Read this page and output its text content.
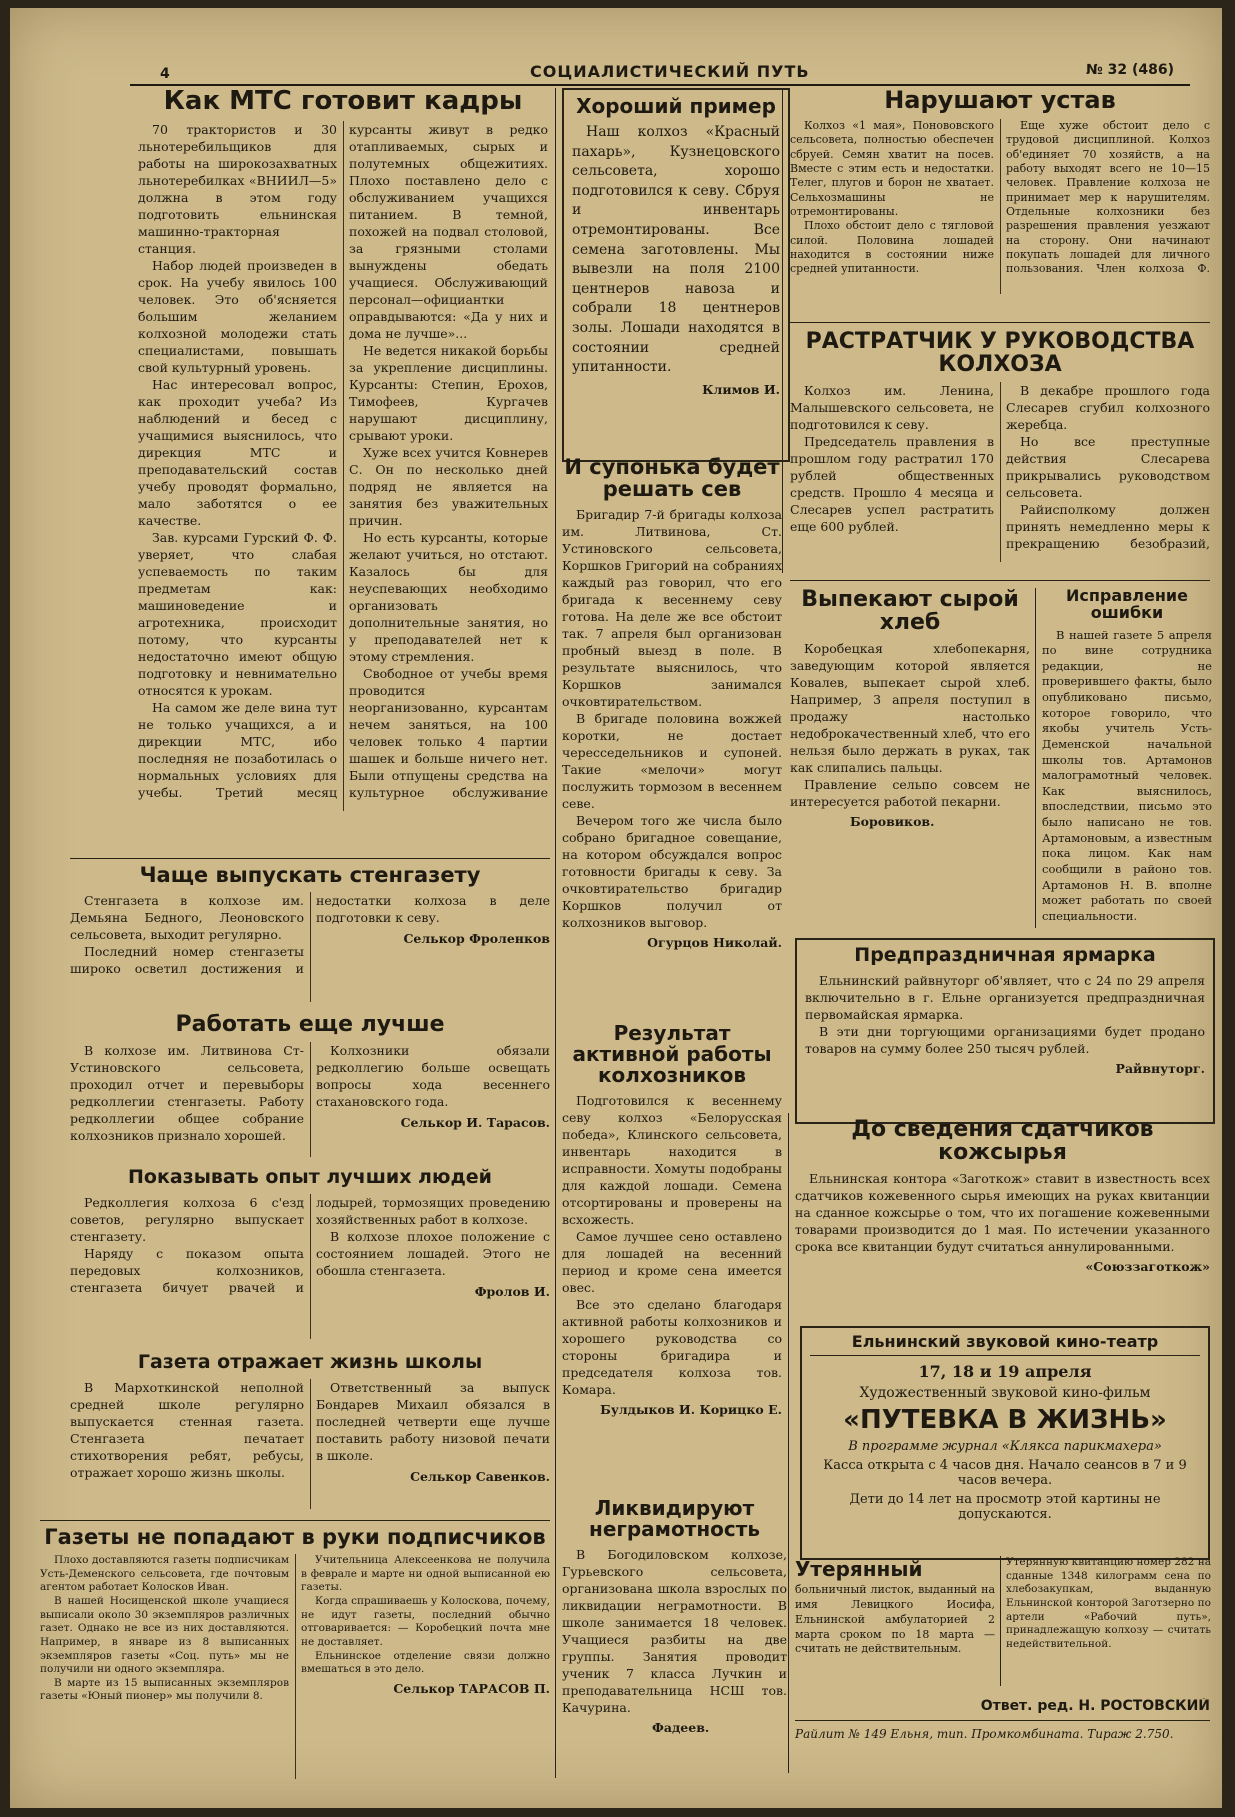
4	СОЦИАЛИСТИЧЕСКИЙ ПУТЬ	№ 32 (486)
Как МТС готовит кадры

70 трактористов и 30 льнотеребильщиков для работы на широкозахватных льнотеребилках «ВНИИЛ—5» должна в этом году подготовить ельнинская машинно-тракторная станция.

Набор людей произведен в срок. На учебу явилось 100 человек. Это об'ясняется большим желанием колхозной молодежи стать специалистами, повышать свой культурный уровень.

Нас интересовал вопрос, как проходит учеба? Из наблюдений и бесед с учащимися выяснилось, что дирекция МТС и преподавательский состав учебу проводят формально, мало заботятся о ее качестве.

Зав. курсами Гурский Ф. Ф. уверяет, что слабая успеваемость по таким предметам как: машиноведение и агротехника, происходит потому, что курсанты недостаточно имеют общую подготовку и невнимательно относятся к урокам.

На самом же деле вина тут не только учащихся, а и дирекции МТС, ибо последняя не позаботилась о нормальных условиях для учебы. Третий месяц курсанты живут в редко отапливаемых, сырых и полутемных общежитиях. Плохо поставлено дело с обслуживанием учащихся питанием. В темной, похожей на подвал столовой, за грязными столами вынуждены обедать учащиеся. Обслуживающий персонал—официантки оправдываются: «Да у них и дома не лучше»...

Не ведется никакой борьбы за укрепление дисциплины. Курсанты: Степин, Ерохов, Тимофеев, Кургачев нарушают дисциплину, срывают уроки.

Хуже всех учится Ковнерев С. Он по несколько дней подряд не является на занятия без уважительных причин.

Но есть курсанты, которые желают учиться, но отстают. Казалось бы для неуспевающих необходимо организовать дополнительные занятия, но у преподавателей нет к этому стремления.

Свободное от учебы время проводится неорганизованно, курсантам нечем заняться, на 100 человек только 4 партии шашек и больше ничего нет. Были отпущены средства на культурное обслуживание

Хороший пример

Наш колхоз «Красный пахарь», Кузнецовского сельсовета, хорошо подготовился к севу. Сбруя и инвентарь отремонтированы. Все семена заготовлены. Мы вывезли на поля 2100 центнеров навоза и собрали 18 центнеров золы. Лошади находятся в состоянии средней упитанности.

Климов И.
И супонька будет решать сев

Бригадир 7-й бригады колхоза им. Литвинова, Ст. Устиновского сельсовета, Коршков Григорий на собраниях каждый раз говорил, что его бригада к весеннему севу готова. На деле же все обстоит так. 7 апреля был организован пробный выезд в поле. В результате выяснилось, что Коршков занимался очковтирательством.

В бригаде половина вожжей коротки, не достает чересседельников и супоней. Такие «мелочи» могут послужить тормозом в весеннем севе.

Вечером того же числа было собрано бригадное совещание, на котором обсуждался вопрос готовности бригады к севу. За очковтирательство бригадир Коршков получил от колхозников выговор.

Огурцов Николай.
Нарушают устав

Колхоз «1 мая», Понововского сельсовета, полностью обеспечен сбруей. Семян хватит на посев. Вместе с этим есть и недостатки. Телег, плугов и борон не хватает. Сельхозмашины не отремонтированы.

Плохо обстоит дело с тягловой силой. Половина лошадей находится в состоянии ниже средней упитанности.

Еще хуже обстоит дело с трудовой дисциплиной. Колхоз об'единяет 70 хозяйств, а на работу выходят всего не 10—15 человек. Правление колхоза не принимает мер к нарушителям. Отдельные колхозники без разрешения правления уезжают на сторону. Они начинают покупать лошадей для личного пользования. Член колхоза Ф.

РАСТРАТЧИК У РУКОВОДСТВА КОЛХОЗА

Колхоз им. Ленина, Малышевского сельсовета, не подготовился к севу.

Председатель правления в прошлом году растратил 170 рублей общественных средств. Прошло 4 месяца и Слесарев успел растратить еще 600 рублей.

В декабре прошлого года Слесарев сгубил колхозного жеребца.

Но все преступные действия Слесарева прикрывались руководством сельсовета.

Райисполкому должен принять немедленно меры к прекращению безобразий,

Выпекают сырой хлеб

Коробецкая хлебопекарня, заведующим которой является Ковалев, выпекает сырой хлеб. Например, 3 апреля поступил в продажу настолько недоброкачественный хлеб, что его нельзя было держать в руках, так как слипались пальцы.

Правление сельпо совсем не интересуется работой пекарни.

Боровиков.
Исправление ошибки

В нашей газете 5 апреля по вине сотрудника редакции, не проверившего факты, было опубликовано письмо, которое говорило, что якобы учитель Усть-Деменской начальной школы тов. Артамонов малограмотный человек. Как выяснилось, впоследствии, письмо это было написано не тов. Артамоновым, а известным пока лицом. Как нам сообщили в районо тов. Артамонов Н. В. вполне может работать по своей специальности.

Предпраздничная ярмарка

Ельнинский райвнуторг об'являет, что с 24 по 29 апреля включительно в г. Ельне организуется предпраздничная первомайская ярмарка.

В эти дни торгующими организациями будет продано товаров на сумму более 250 тысяч рублей.

Райвнуторг.
Чаще выпускать стенгазету

Стенгазета в колхозе им. Демьяна Бедного, Леоновского сельсовета, выходит регулярно.

Последний номер стенгазеты широко осветил достижения и недостатки колхоза в деле подготовки к севу.

Селькор Фроленков
Работать еще лучше

В колхозе им. Литвинова Ст-Устиновского сельсовета, проходил отчет и перевыборы редколлегии стенгазеты. Работу редколлегии общее собрание колхозников признало хорошей.

Колхозники обязали редколлегию больше освещать вопросы хода весеннего стахановского года.

Селькор И. Тарасов.
Показывать опыт лучших людей

Редколлегия колхоза 6 с'езд советов, регулярно выпускает стенгазету.

Наряду с показом опыта передовых колхозников, стенгазета бичует рвачей и лодырей, тормозящих проведению хозяйственных работ в колхозе.

В колхозе плохое положение с состоянием лошадей. Этого не обошла стенгазета.

Фролов И.
Газета отражает жизнь школы

В Мархоткинской неполной средней школе регулярно выпускается стенная газета. Стенгазета печатает стихотворения ребят, ребусы, отражает хорошо жизнь школы.

Ответственный за выпуск Бондарев Михаил обязался в последней четверти еще лучше поставить работу низовой печати в школе.

Селькор Савенков.
Газеты не попадают в руки подписчиков

Плохо доставляются газеты подписчикам Усть-Деменского сельсовета, где почтовым агентом работает Колосков Иван.

В нашей Носищенской школе учащиеся выписали около 30 экземпляров различных газет. Однако не все из них доставляются. Например, в январе из 8 выписанных экземпляров газеты «Соц. путь» мы не получили ни одного экземпляра.

В марте из 15 выписанных экземпляров газеты «Юный пионер» мы получили 8.

Учительница Алексеенкова не получила в феврале и марте ни одной выписанной ею газеты.

Когда спрашиваешь у Колоскова, почему, не идут газеты, последний обычно отговаривается: — Коробецкий почта мне не доставляет.

Ельнинское отделение связи должно вмешаться в это дело.

Селькор ТАРАСОВ П.
Результат активной работы колхозников

Подготовился к весеннему севу колхоз «Белорусская победа», Клинского сельсовета, инвентарь находится в исправности. Хомуты подобраны для каждой лошади. Семена отсортированы и проверены на всхожесть.

Самое лучшее сено оставлено для лошадей на весенний период и кроме сена имеется овес.

Все это сделано благодаря активной работы колхозников и хорошего руководства со стороны бригадира и председателя колхоза тов. Комара.

Булдыков И. Корицко Е.
Ликвидируют неграмотность

В Богодиловском колхозе, Гурьевского сельсовета, организована школа взрослых по ликвидации неграмотности. В школе занимается 18 человек. Учащиеся разбиты на две группы. Занятия проводит ученик 7 класса Лучкин и преподавательница НСШ тов. Качурина.

Фадеев.
До сведения сдатчиков кожсырья

Ельнинская контора «Заготкож» ставит в известность всех сдатчиков кожевенного сырья имеющих на руках квитанции на сданное кожсырье о том, что их погашение кожевенными товарами производится до 1 мая. По истечении указанного срока все квитанции будут считаться аннулированными.

«Союззаготкож»
Ельнинский звуковой кино-театр
17, 18 и 19 апреля
Художественный звуковой кино-фильм
«ПУТЕВКА В ЖИЗНЬ»
В программе журнал «Клякса парикмахера»
Касса открыта с 4 часов дня. Начало сеансов в 7 и 9 часов вечера.
Дети до 14 лет на просмотр этой картины не допускаются.
Утерянный больничный листок, выданный на имя Левицкого Иосифа, Ельнинской амбулаторией 2 марта сроком по 18 марта — считать не действительным.
Утерянную квитанцию номер 282 на сданные 1348 килограмм сена по хлебозакупкам, выданную Ельнинской конторой Заготзерно по артели «Рабочий путь», принадлежащую колхозу — считать недействительной.
Ответ. ред. Н. РОСТОВСКИЙ
Райлит № 149 Ельня, тип. Промкомбината. Тираж 2.750.
